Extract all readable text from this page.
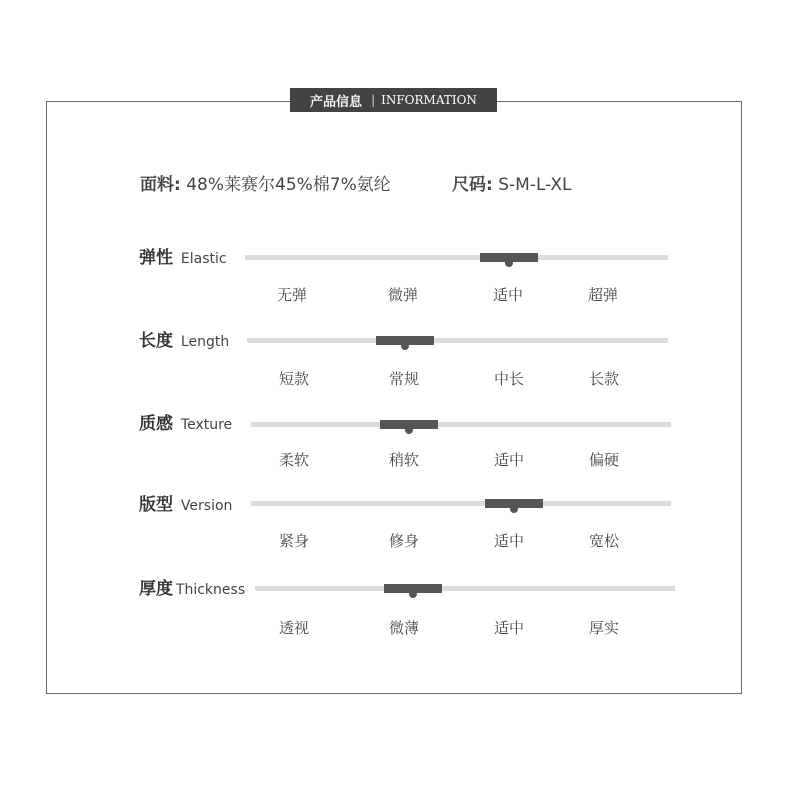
产品信息 | INFORMATION
面料: 48%莱赛尔45%棉7%氨纶	尺码: S-M-L-XL
弹性 Elastic
无弹	微弹	适中	超弹
长度 Length
短款	常规	中长	长款
质感 Texture
柔软	稍软	适中	偏硬
版型 Version
紧身	修身	适中	宽松
厚度 Thickness
透视	微薄	适中	厚实
